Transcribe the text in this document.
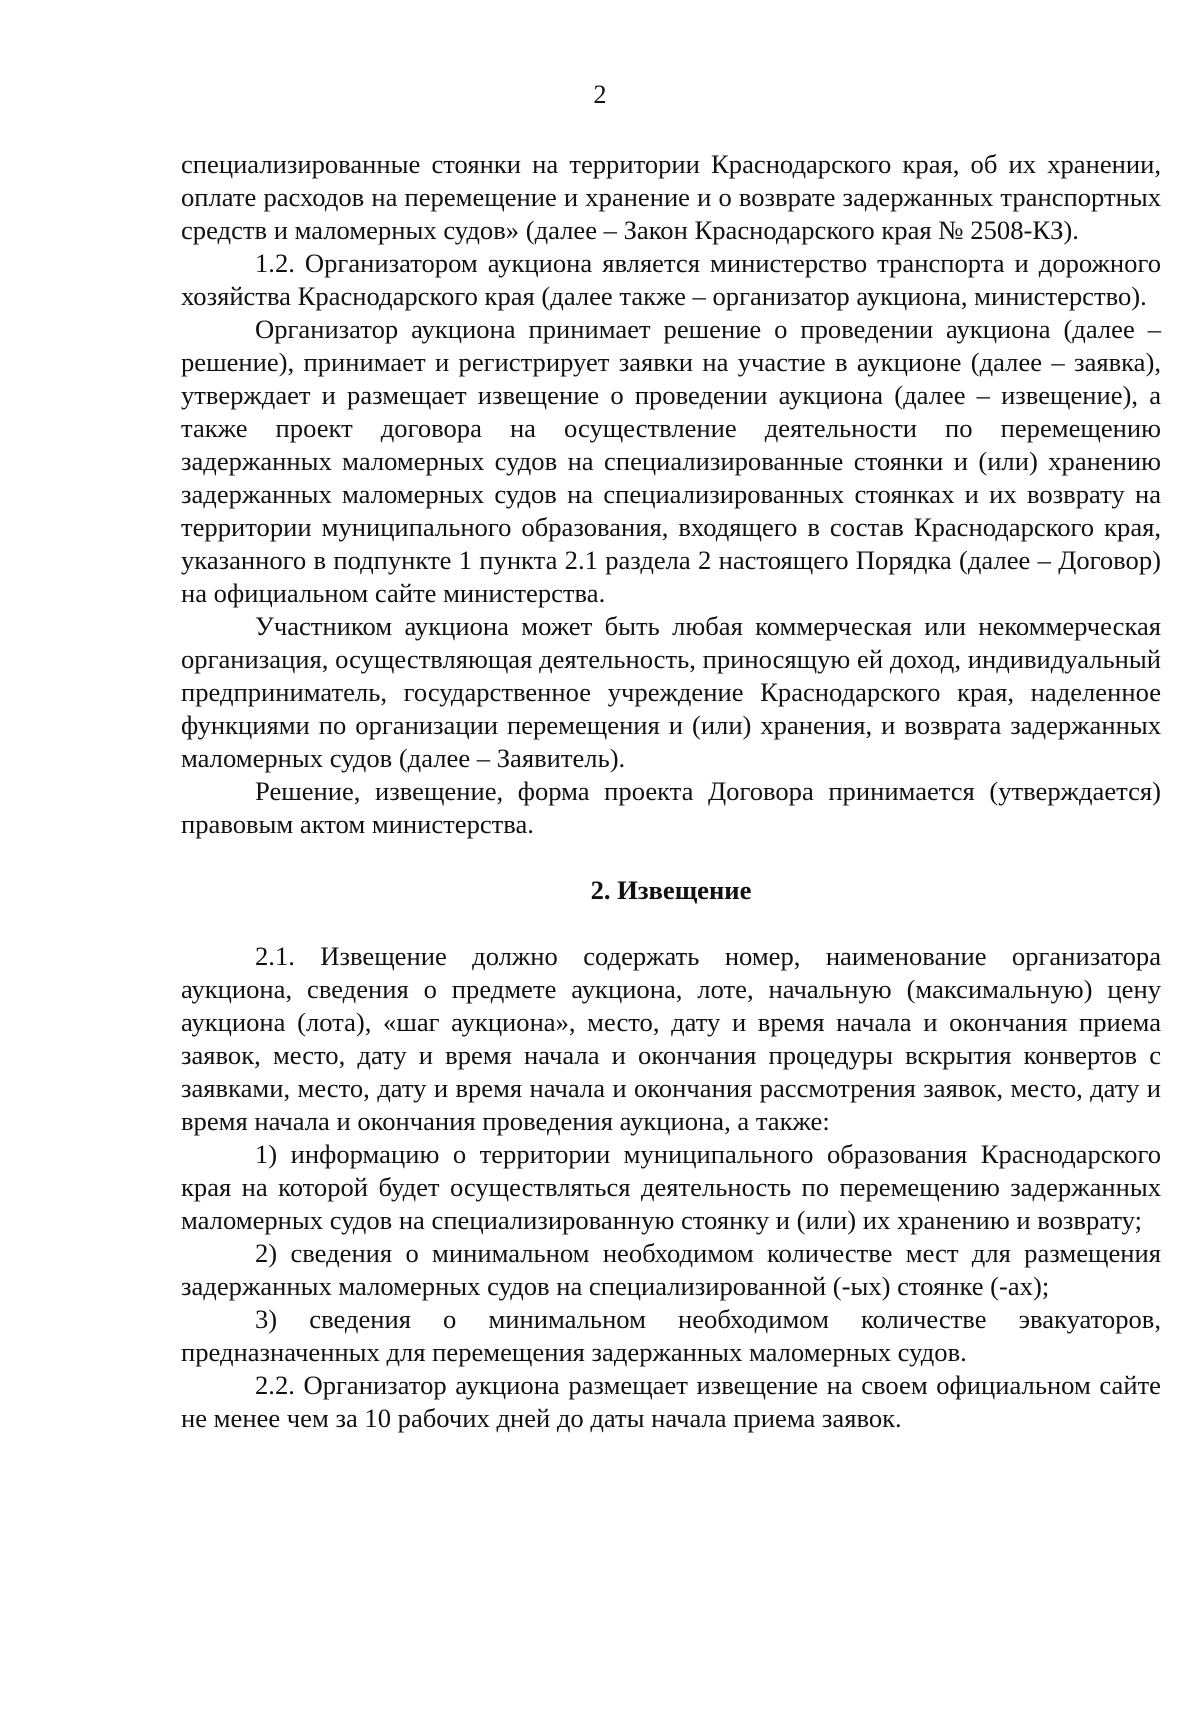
2

специализированные стоянки на территории Краснодарского края, об их хранении, оплате расходов на перемещение и хранение и о возврате задержанных транспортных средств и маломерных судов» (далее – Закон Краснодарского края № 2508-КЗ).

1.2. Организатором аукциона является министерство транспорта и дорожного хозяйства Краснодарского края (далее также – организатор аукциона, министерство).

Организатор аукциона принимает решение о проведении аукциона (далее – решение), принимает и регистрирует заявки на участие в аукционе (далее – заявка), утверждает и размещает извещение о проведении аукциона (далее – извещение), а также проект договора на осуществление деятельности по перемещению задержанных маломерных судов на специализированные стоянки и (или) хранению задержанных маломерных судов на специализированных стоянках и их возврату на территории муниципального образования, входящего в состав Краснодарского края, указанного в подпункте 1 пункта 2.1 раздела 2 настоящего Порядка (далее – Договор) на официальном сайте министерства.

Участником аукциона может быть любая коммерческая или некоммерческая организация, осуществляющая деятельность, приносящую ей доход, индивидуальный предприниматель, государственное учреждение Краснодарского края, наделенное функциями по организации перемещения и (или) хранения, и возврата задержанных маломерных судов (далее – Заявитель).

Решение, извещение, форма проекта Договора принимается (утверждается) правовым актом министерства.

2. Извещение

2.1. Извещение должно содержать номер, наименование организатора аукциона, сведения о предмете аукциона, лоте, начальную (максимальную) цену аукциона (лота), «шаг аукциона», место, дату и время начала и окончания приема заявок, место, дату и время начала и окончания процедуры вскрытия конвертов с заявками, место, дату и время начала и окончания рассмотрения заявок, место, дату и время начала и окончания проведения аукциона, а также:

1) информацию о территории муниципального образования Краснодарского края на которой будет осуществляться деятельность по перемещению задержанных маломерных судов на специализированную стоянку и (или) их хранению и возврату;

2) сведения о минимальном необходимом количестве мест для размещения задержанных маломерных судов на специализированной (-ых) стоянке (-ах);

3) сведения о минимальном необходимом количестве эвакуаторов, предназначенных для перемещения задержанных маломерных судов.

2.2. Организатор аукциона размещает извещение на своем официальном сайте не менее чем за 10 рабочих дней до даты начала приема заявок.
